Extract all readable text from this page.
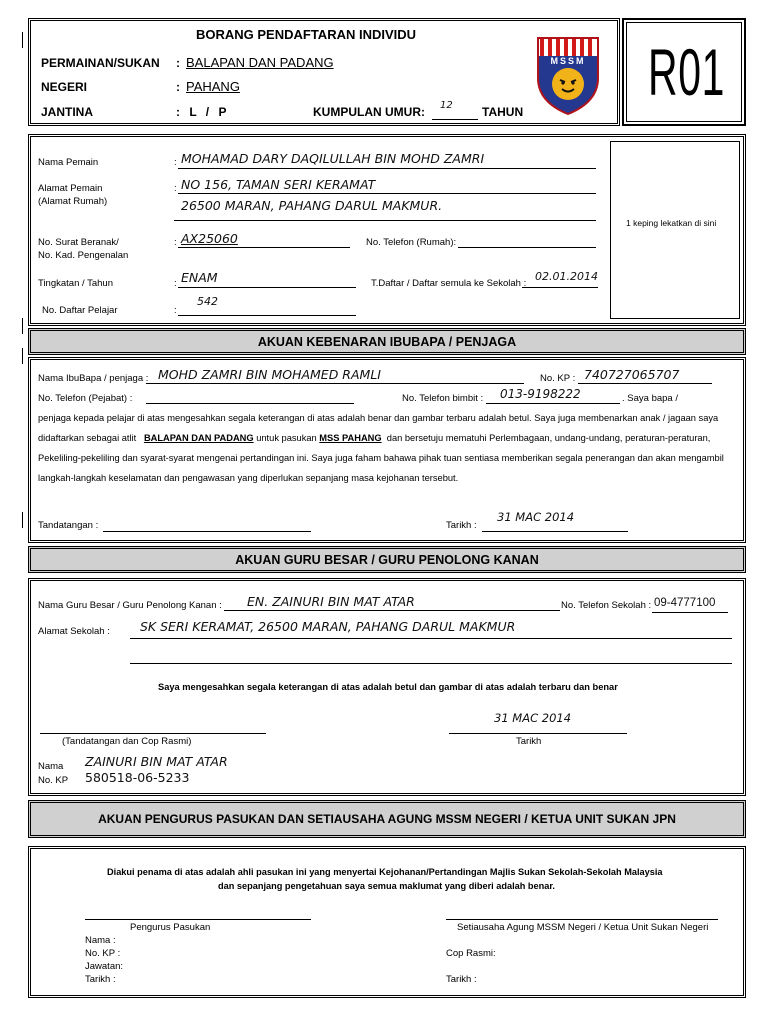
BORANG PENDAFTARAN INDIVIDU
PERMAINAN/SUKAN : BALAPAN DAN PADANG
NEGERI	: PAHANG
JANTINA	: L / P	KUMPULAN UMUR: 12 TAHUN
MSSM R01
1 keping lekatkan di sini
Nama Pemain	: MOHAMAD DARY DAQILULLAH BIN MOHD ZAMRI
Alamat Pemain
(Alamat Rumah)
: NO 156, TAMAN SERI KERAMAT
26500 MARAN, PAHANG DARUL MAKMUR.
No. Surat Beranak/
No. Kad. Pengenalan
: AX25060	No. Telefon (Rumah):
Tingkatan / Tahun	: ENAM	T.Daftar / Daftar semula ke Sekolah :
02.01.2014
No. Daftar Pelajar	:
542
AKUAN KEBENARAN IBUBAPA / PENJAGA
Nama IbuBapa / penjaga : MOHD ZAMRI BIN MOHAMED RAMLI	No. KP : 740727065707
No. Telefon (Pejabat) :	No. Telefon bimbit : 013-9198222	. Saya bapa /
penjaga kepada pelajar di atas mengesahkan segala keterangan di atas adalah benar dan gambar terbaru adalah betul. Saya juga membenarkan anak / jagaan saya
didaftarkan sebagai atlit BALAPAN DAN PADANG untuk pasukan MSS PAHANG dan bersetuju mematuhi Perlembagaan, undang-undang, peraturan-peraturan,
Pekeliling-pekeliling dan syarat-syarat mengenai pertandingan ini. Saya juga faham bahawa pihak tuan sentiasa memberikan segala penerangan dan akan mengambil
langkah-langkah keselamatan dan pengawasan yang diperlukan sepanjang masa kejohanan tersebut.
Tandatangan :	Tarikh :
31 MAC 2014
AKUAN GURU BESAR / GURU PENOLONG KANAN
Nama Guru Besar / Guru Penolong Kanan : EN. ZAINURI BIN MAT ATAR	No. Telefon Sekolah : 09-4777100
Alamat Sekolah : SK SERI KERAMAT, 26500 MARAN, PAHANG DARUL MAKMUR
Saya mengesahkan segala keterangan di atas adalah betul dan gambar di atas adalah terbaru dan benar
(Tandatangan dan Cop Rasmi)
31 MAC 2014
Tarikh
Nama ZAINURI BIN MAT ATAR
No. KP 580518-06-5233
AKUAN PENGURUS PASUKAN DAN SETIAUSAHA AGUNG MSSM NEGERI / KETUA UNIT SUKAN JPN
Diakui penama di atas adalah ahli pasukan ini yang menyertai Kejohanan/Pertandingan Majlis Sukan Sekolah-Sekolah Malaysia
dan sepanjang pengetahuan saya semua maklumat yang diberi adalah benar.
Pengurus Pasukan
Nama :
No. KP :
Jawatan:
Tarikh :
Setiausaha Agung MSSM Negeri / Ketua Unit Sukan Negeri
Cop Rasmi:
Tarikh :
